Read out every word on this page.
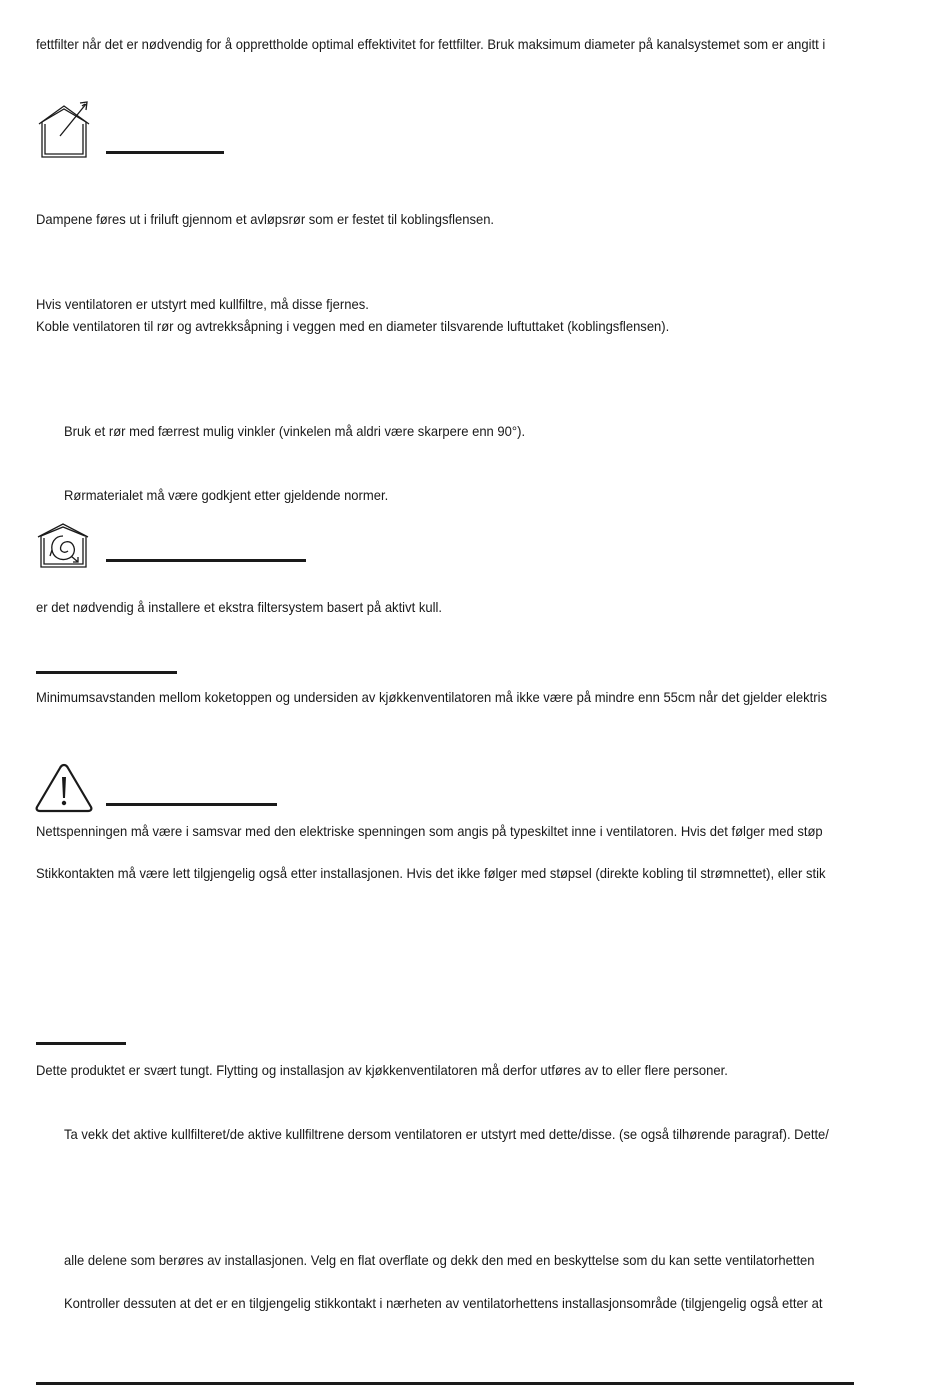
fettfilter når det er nødvendig for å opprettholde optimal effektivitet for fettfilter. Bruk maksimum diameter på kanalsystemet som er angitt i
Dampene føres ut i friluft gjennom et avløpsrør som er festet til koblingsflensen.
Hvis ventilatoren er utstyrt med kullfiltre, må disse fjernes.
Koble ventilatoren til rør og avtrekksåpning i veggen med en diameter tilsvarende luftuttaket (koblingsflensen).
Bruk et rør med færrest mulig vinkler (vinkelen må aldri være skarpere enn 90°).
Rørmaterialet må være godkjent etter gjeldende normer.
er det nødvendig å installere et ekstra filtersystem basert på aktivt kull.
Minimumsavstanden mellom koketoppen og undersiden av kjøkkenventilatoren må ikke være på mindre enn 55cm når det gjelder elektris
Nettspenningen må være i samsvar med den elektriske spenningen som angis på typeskiltet inne i ventilatoren. Hvis det følger med støp
Stikkontakten må være lett tilgjengelig også etter installasjonen. Hvis det ikke følger med støpsel (direkte kobling til strømnettet), eller stik
Dette produktet er svært tungt. Flytting og installasjon av kjøkkenventilatoren må derfor utføres av to eller flere personer.
Ta vekk det aktive kullfilteret/de aktive kullfiltrene dersom ventilatoren er utstyrt med dette/disse. (se også tilhørende paragraf). Dette/
alle delene som berøres av installasjonen. Velg en flat overflate og dekk den med en beskyttelse som du kan sette ventilatorhetten
Kontroller dessuten at det er en tilgjengelig stikkontakt i nærheten av ventilatorhettens installasjonsområde (tilgjengelig også etter at
